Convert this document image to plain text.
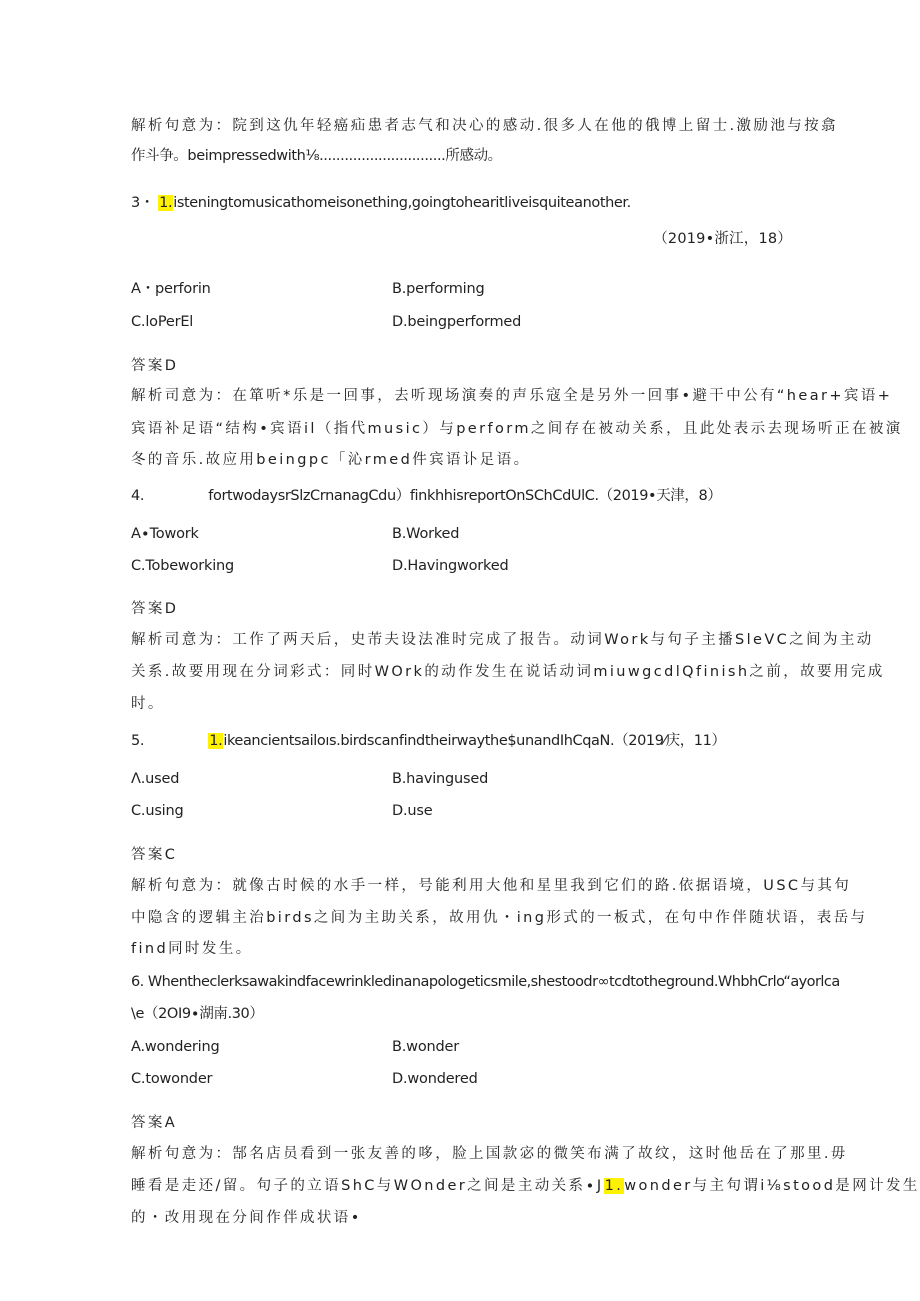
解析句意为：院到这仇年轻癌疝患者志气和决心的感动.很多人在他的俄博上留士.激励池与按翕
作斗争。beimpressedwith⅛..............................所感动。
3・ 1.isteningtomusicathomeisonething,goingtohearitliveisquiteanother.
（2019•浙江，18）
A・perforin	B.performing
C.loPerEl	D.beingperformed
答案D
解析司意为：在箪听*乐是一回事，去听现场演奏的声乐寇全是另外一回事•避干中公有“hear+宾语+
宾语补足语“结构•宾语il（指代music）与perform之间存在被动关系，且此处表示去现场听正在被演
冬的音乐.故应用beingpc「沁rmed件宾语讣足语。
4.	fortwodaysrSlzCrnanagCdu）finkhhisreportOnSChCdUlC.（2019•天津，8）
A∙Towork	B.Worked
C.Tobeworking	D.Havingworked
答案D
解析司意为：工作了两天后，史芾夫设法准时完成了报告。动词Work与句子主播SleVC之间为主动
关系.故要用现在分词彩式：同时WOrk的动作发生在说话动词miuwgcdlQfinish之前，故要用完成
时。
5.	1.ikeancientsailoıs.birdscanfindtheirwaythe$unandIhCqaN.（2019⁄庆，11）
Λ.used	B.havingused
C.using	D.use
答案C
解析句意为：就像古时候的水手一样，号能利用大他和星里我到它们的路.依据语境，USC与其句
中隐含的逻辑主治birds之间为主助关系，故用仇・ing形式的一板式，在句中作伴随状语，表岳与
find同时发生。
6. Whentheclerksawakindfacewrinkledinanapologeticsmile,shestoodr∞tcdtotheground.WhbhCrlo“ayorlca
\e（2OI9∙湖南.30）
A.wondering	B.wonder
C.towonder	D.wondered
答案A
解析句意为：郜名店员看到一张友善的哆，脸上国款宓的微笑布满了故纹，这时他岳在了那里.毋
睡看是走还/留。句子的立语ShC与WOnder之间是主动关系∙J1.wonder与主句谓i⅛stood是网计发生
的・改用现在分间作伴成状语•
